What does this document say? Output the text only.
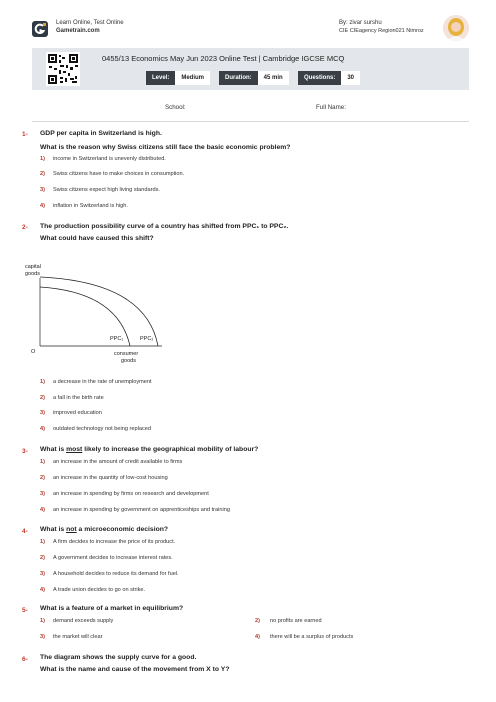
Learn Online, Test Online
Gametrain.com
By: zivar surshu
CIE CIEagency Region021 Nimroz
0455/13 Economics May Jun 2023 Online Test | Cambridge IGCSE MCQ
Level:	Medium	Duration:	45 min	Questions:	30
School:	Full Name:
1- GDP per capita in Switzerland is high.
What is the reason why Swiss citizens still face the basic economic problem?
1) income in Switzerland is unevenly distributed.
2) Swiss citizens have to make choices in consumption.
3) Swiss citizens expect high living standards.
4) inflation in Switzerland is high.
2- The production possibility curve of a country has shifted from PPC₁ to PPC₂.
What could have caused this shift?
capital
goods
PPC₁	PPC₂
O	consumer
goods
1) a decrease in the rate of unemployment
2) a fall in the birth rate
3) improved education
4) outdated technology not being replaced
3- What is most likely to increase the geographical mobility of labour?
1) an increase in the amount of credit available to firms
2) an increase in the quantity of low-cost housing
3) an increase in spending by firms on research and development
4) an increase in spending by government on apprenticeships and training
4- What is not a microeconomic decision?
1) A firm decides to increase the price of its product.
2) A government decides to increase interest rates.
3) A household decides to reduce its demand for fuel.
4) A trade union decides to go on strike.
5- What is a feature of a market in equilibrium?
1) demand exceeds supply	2) no profits are earned
3) the market will clear	4) there will be a surplus of products
6- The diagram shows the supply curve for a good.
What is the name and cause of the movement from X to Y?
